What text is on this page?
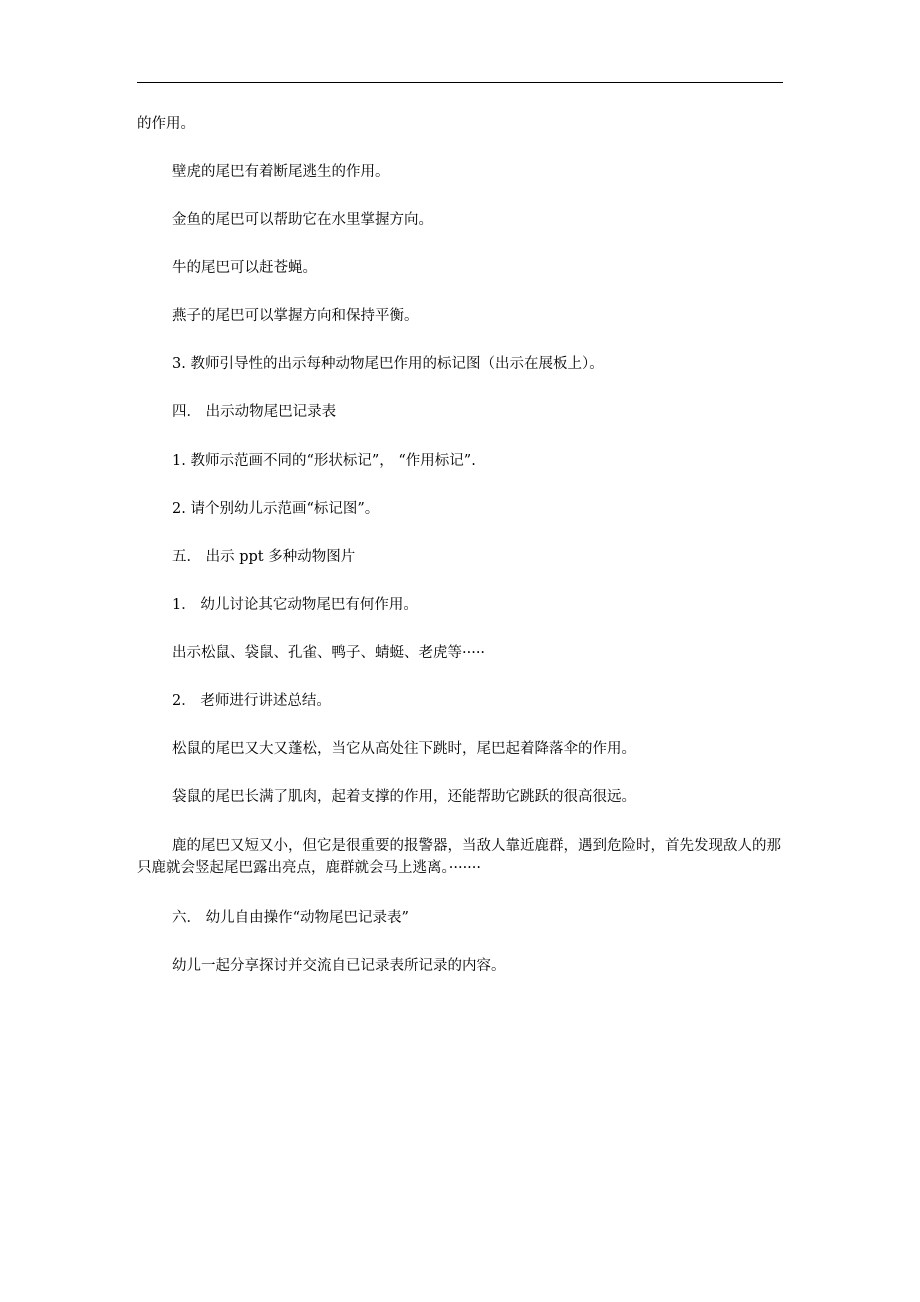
的作用。
壁虎的尾巴有着断尾逃生的作用。
金鱼的尾巴可以帮助它在水里掌握方向。
牛的尾巴可以赶苍蝇。
燕子的尾巴可以掌握方向和保持平衡。
3. 教师引导性的出示每种动物尾巴作用的标记图（出示在展板上）。
四． 出示动物尾巴记录表
1. 教师示范画不同的“形状标记”， “作用标记”.
2. 请个别幼儿示范画“标记图”。
五． 出示 ppt 多种动物图片
1． 幼儿讨论其它动物尾巴有何作用。
出示松鼠、袋鼠、孔雀、鸭子、蜻蜓、老虎等·····
2． 老师进行讲述总结。
松鼠的尾巴又大又蓬松，当它从高处往下跳时，尾巴起着降落伞的作用。
袋鼠的尾巴长满了肌肉，起着支撑的作用，还能帮助它跳跃的很高很远。
鹿的尾巴又短又小，但它是很重要的报警器，当敌人靠近鹿群，遇到危险时，首先发现敌人的那只鹿就会竖起尾巴露出亮点，鹿群就会马上逃离。·······
六． 幼儿自由操作“动物尾巴记录表”
幼儿一起分享探讨并交流自已记录表所记录的内容。
